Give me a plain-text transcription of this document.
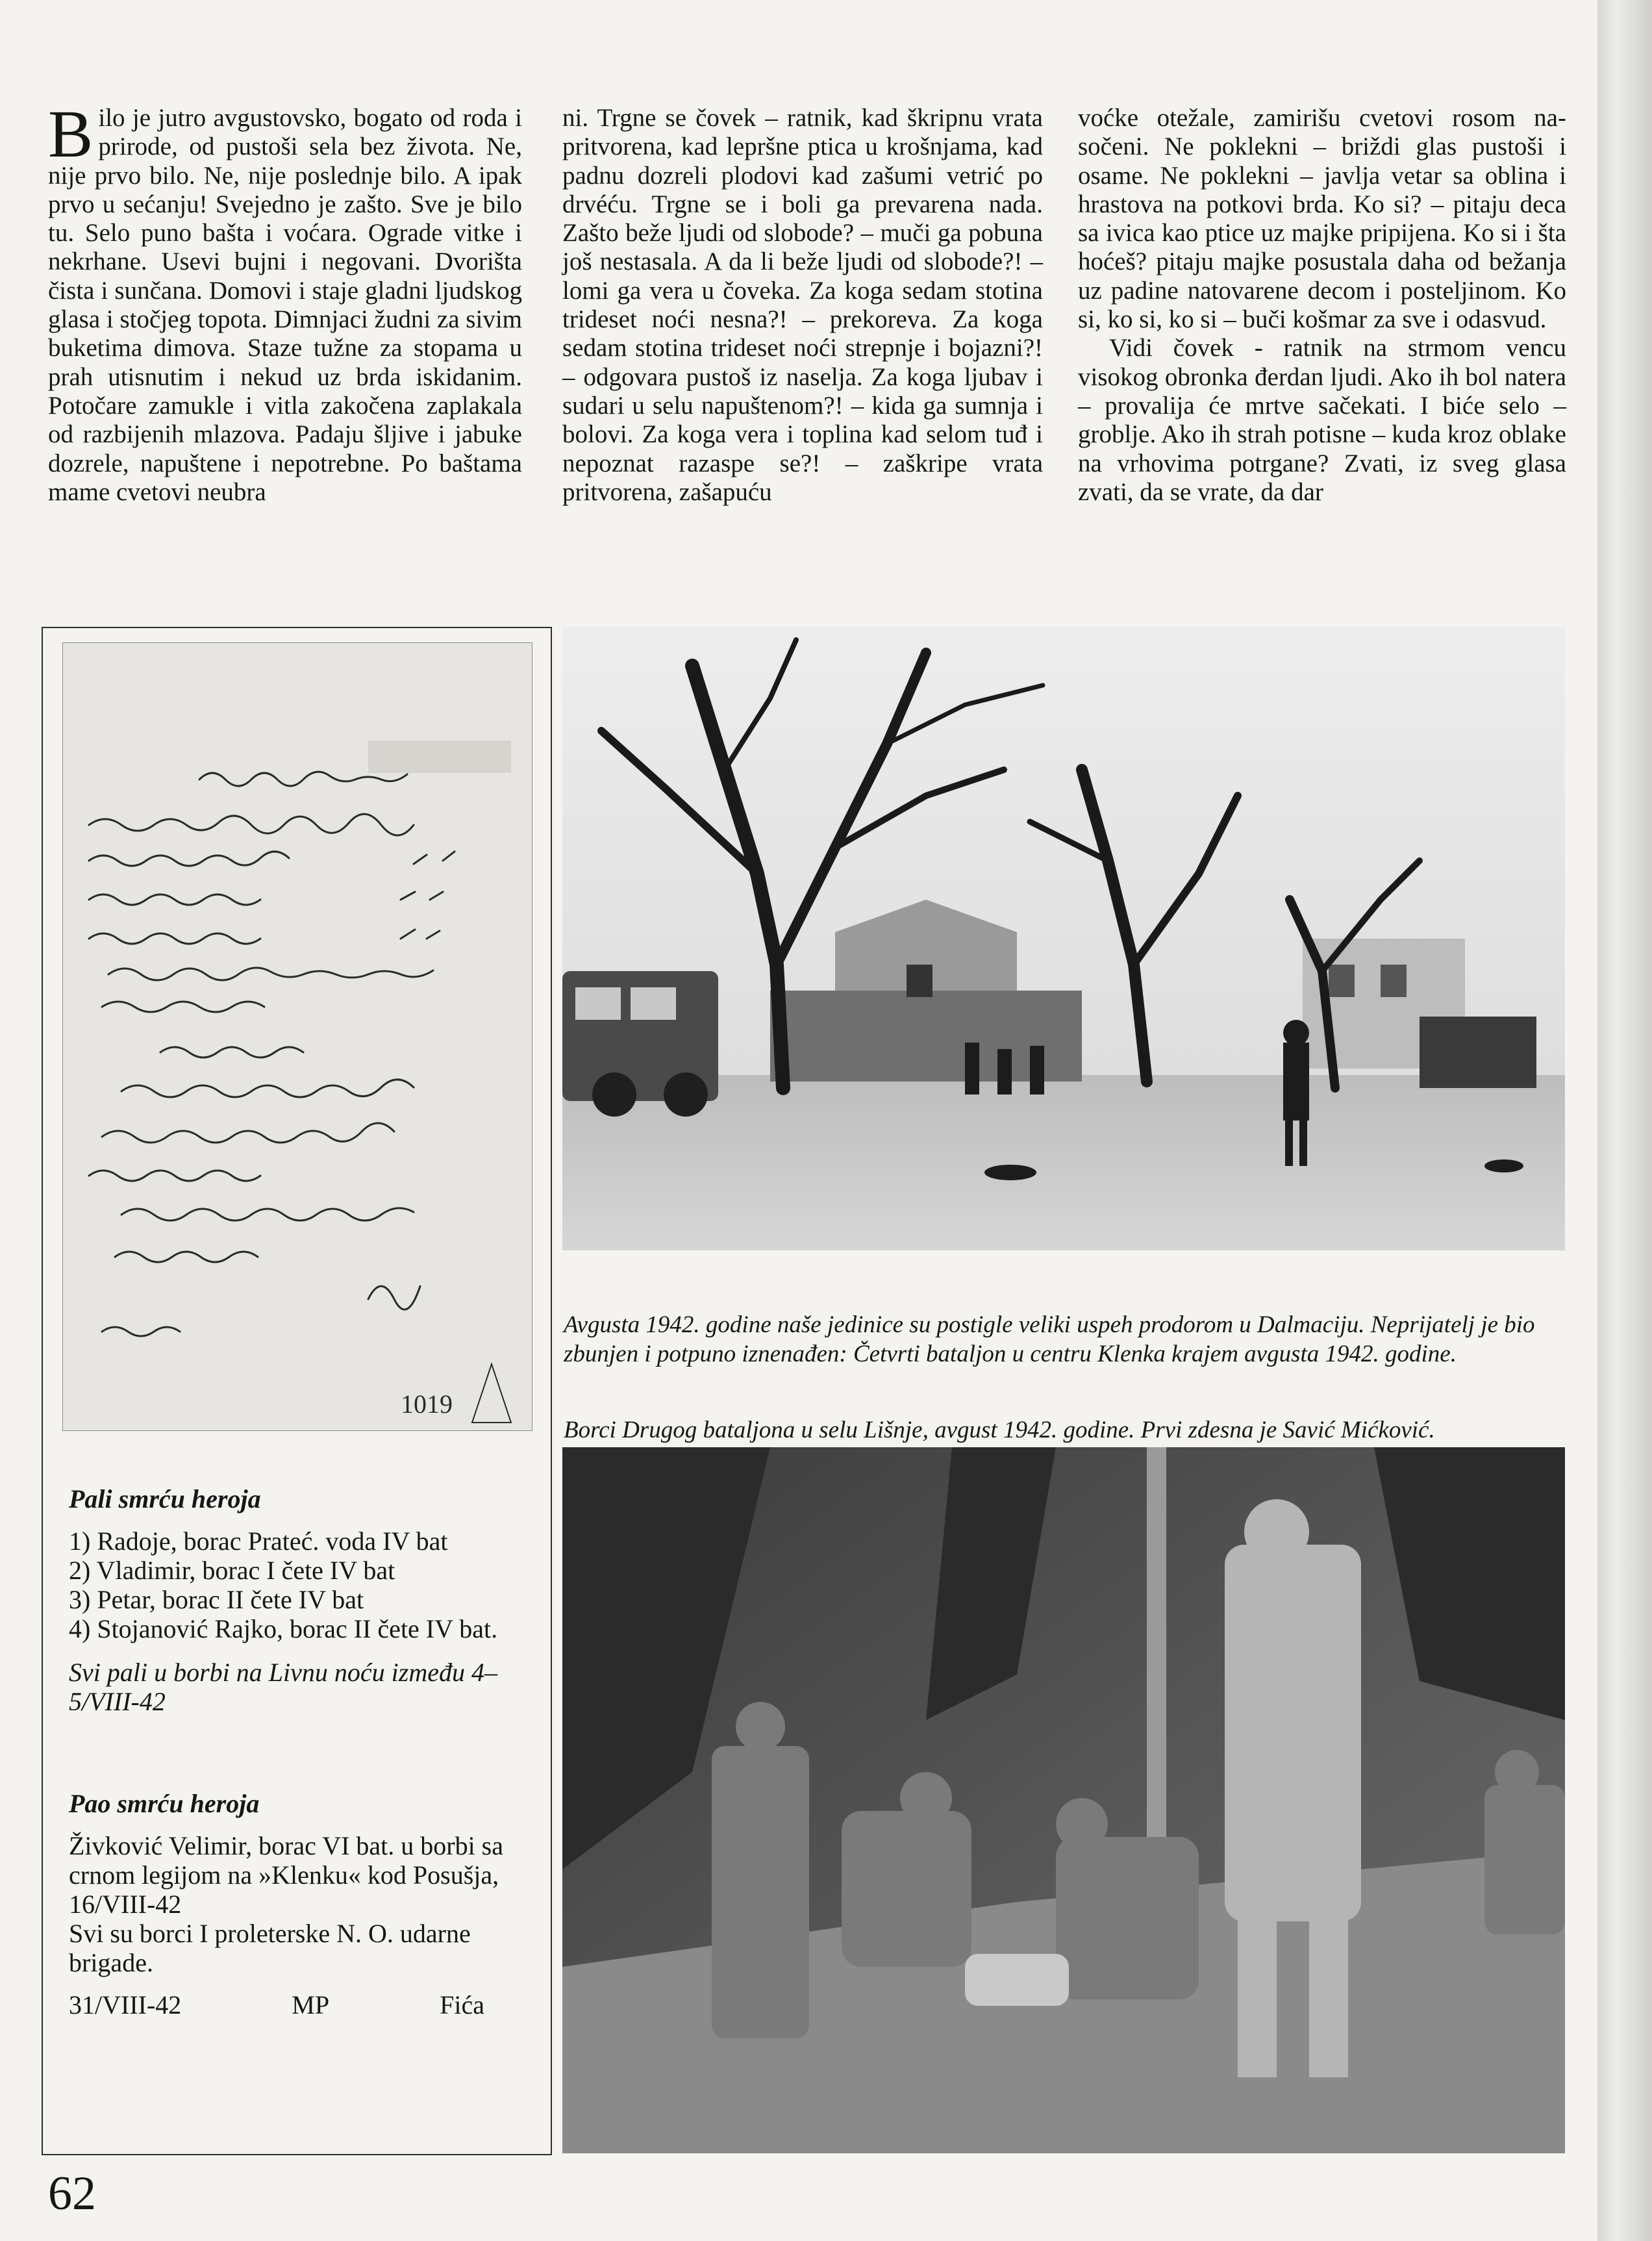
Bilo je jutro avgustovsko, bogato od roda i prirode, od pustoši sela bez života. Ne, nije prvo bilo. Ne, nije poslednje bilo. A ipak prvo u sećanju! Svejedno je zašto. Sve je bilo tu. Selo puno bašta i voćara. Ograde vitke i nekrhane. Usevi bujni i negovani. Dvorišta čista i sunčana. Domovi i staje gladni ljudskog glasa i stočjeg topota. Dimnjaci žudni za sivim buketima dimova. Staze tužne za stopama u prah utisnutim i nekud uz brda iskidanim. Potočare zamukle i vitla zakočena zaplakala od razbijenih mlazova. Padaju šljive i jabuke dozrele, napuštene i nepotrebne. Po baštama mame cvetovi neubra

ni. Trgne se čovek – ratnik, kad škripnu vrata pritvorena, kad lepršne ptica u krošnjama, kad padnu dozreli plodovi kad zašumi vetrić po drvéću. Trgne se i boli ga prevarena nada. Zašto beže ljudi od slobode? – muči ga pobuna još nestasala. A da li beže ljudi od slobode?! – lomi ga vera u čoveka. Za koga sedam stotina trideset noći nesna?! – prekoreva. Za koga sedam stotina trideset noći strepnje i bojazni?! – odgovara pustoš iz naselja. Za koga ljubav i sudari u selu napuštenom?! – kida ga sumnja i bolovi. Za koga vera i toplina kad selom tuđ i nepoznat razaspe se?! – zaškripe vrata pritvorena, zašapuću

voćke otežale, zamirišu cvetovi rosom nasočeni. Ne poklekni – briždi glas pustoši i osame. Ne poklekni – javlja vetar sa oblina i hrastova na potkovi brda. Ko si? – pitaju deca sa ivica kao ptice uz majke pripijena. Ko si i šta hoćeš? pitaju majke posustala daha od bežanja uz padine natovarene decom i posteljinom. Ko si, ko si, ko si – buči košmar za sve i odasvud.

Vidi čovek - ratnik na strmom vencu visokog obronka đerdan ljudi. Ako ih bol natera – provalija će mrtve sačekati. I biće selo – groblje. Ako ih strah potisne – kuda kroz oblake na vrhovima potrgane? Zvati, iz sveg glasa zvati, da se vrate, da dar

1019

Pali smrću heroja

1) Radoje, borac Prateć. voda IV bat
2) Vladimir, borac I čete IV bat
3) Petar, borac II čete IV bat
4) Stojanović Rajko, borac II čete IV bat.

Svi pali u borbi na Livnu noću između 4–5/VIII-42

Pao smrću heroja

Živković Velimir, borac VI bat. u borbi sa crnom legijom na »Klenku« kod Posušja, 16/VIII-42

Svi su borci I proleterske N. O. udarne brigade.

31/VIII-42	MP	Fića

Avgusta 1942. godine naše jedinice su postigle veliki uspeh prodorom u Dalmaciju. Neprijatelj je bio zbunjen i potpuno iznenađen: Četvrti bataljon u centru Klenka krajem avgusta 1942. godine.

Borci Drugog bataljona u selu Lišnje, avgust 1942. godine. Prvi zdesna je Savić Mićković.

62
